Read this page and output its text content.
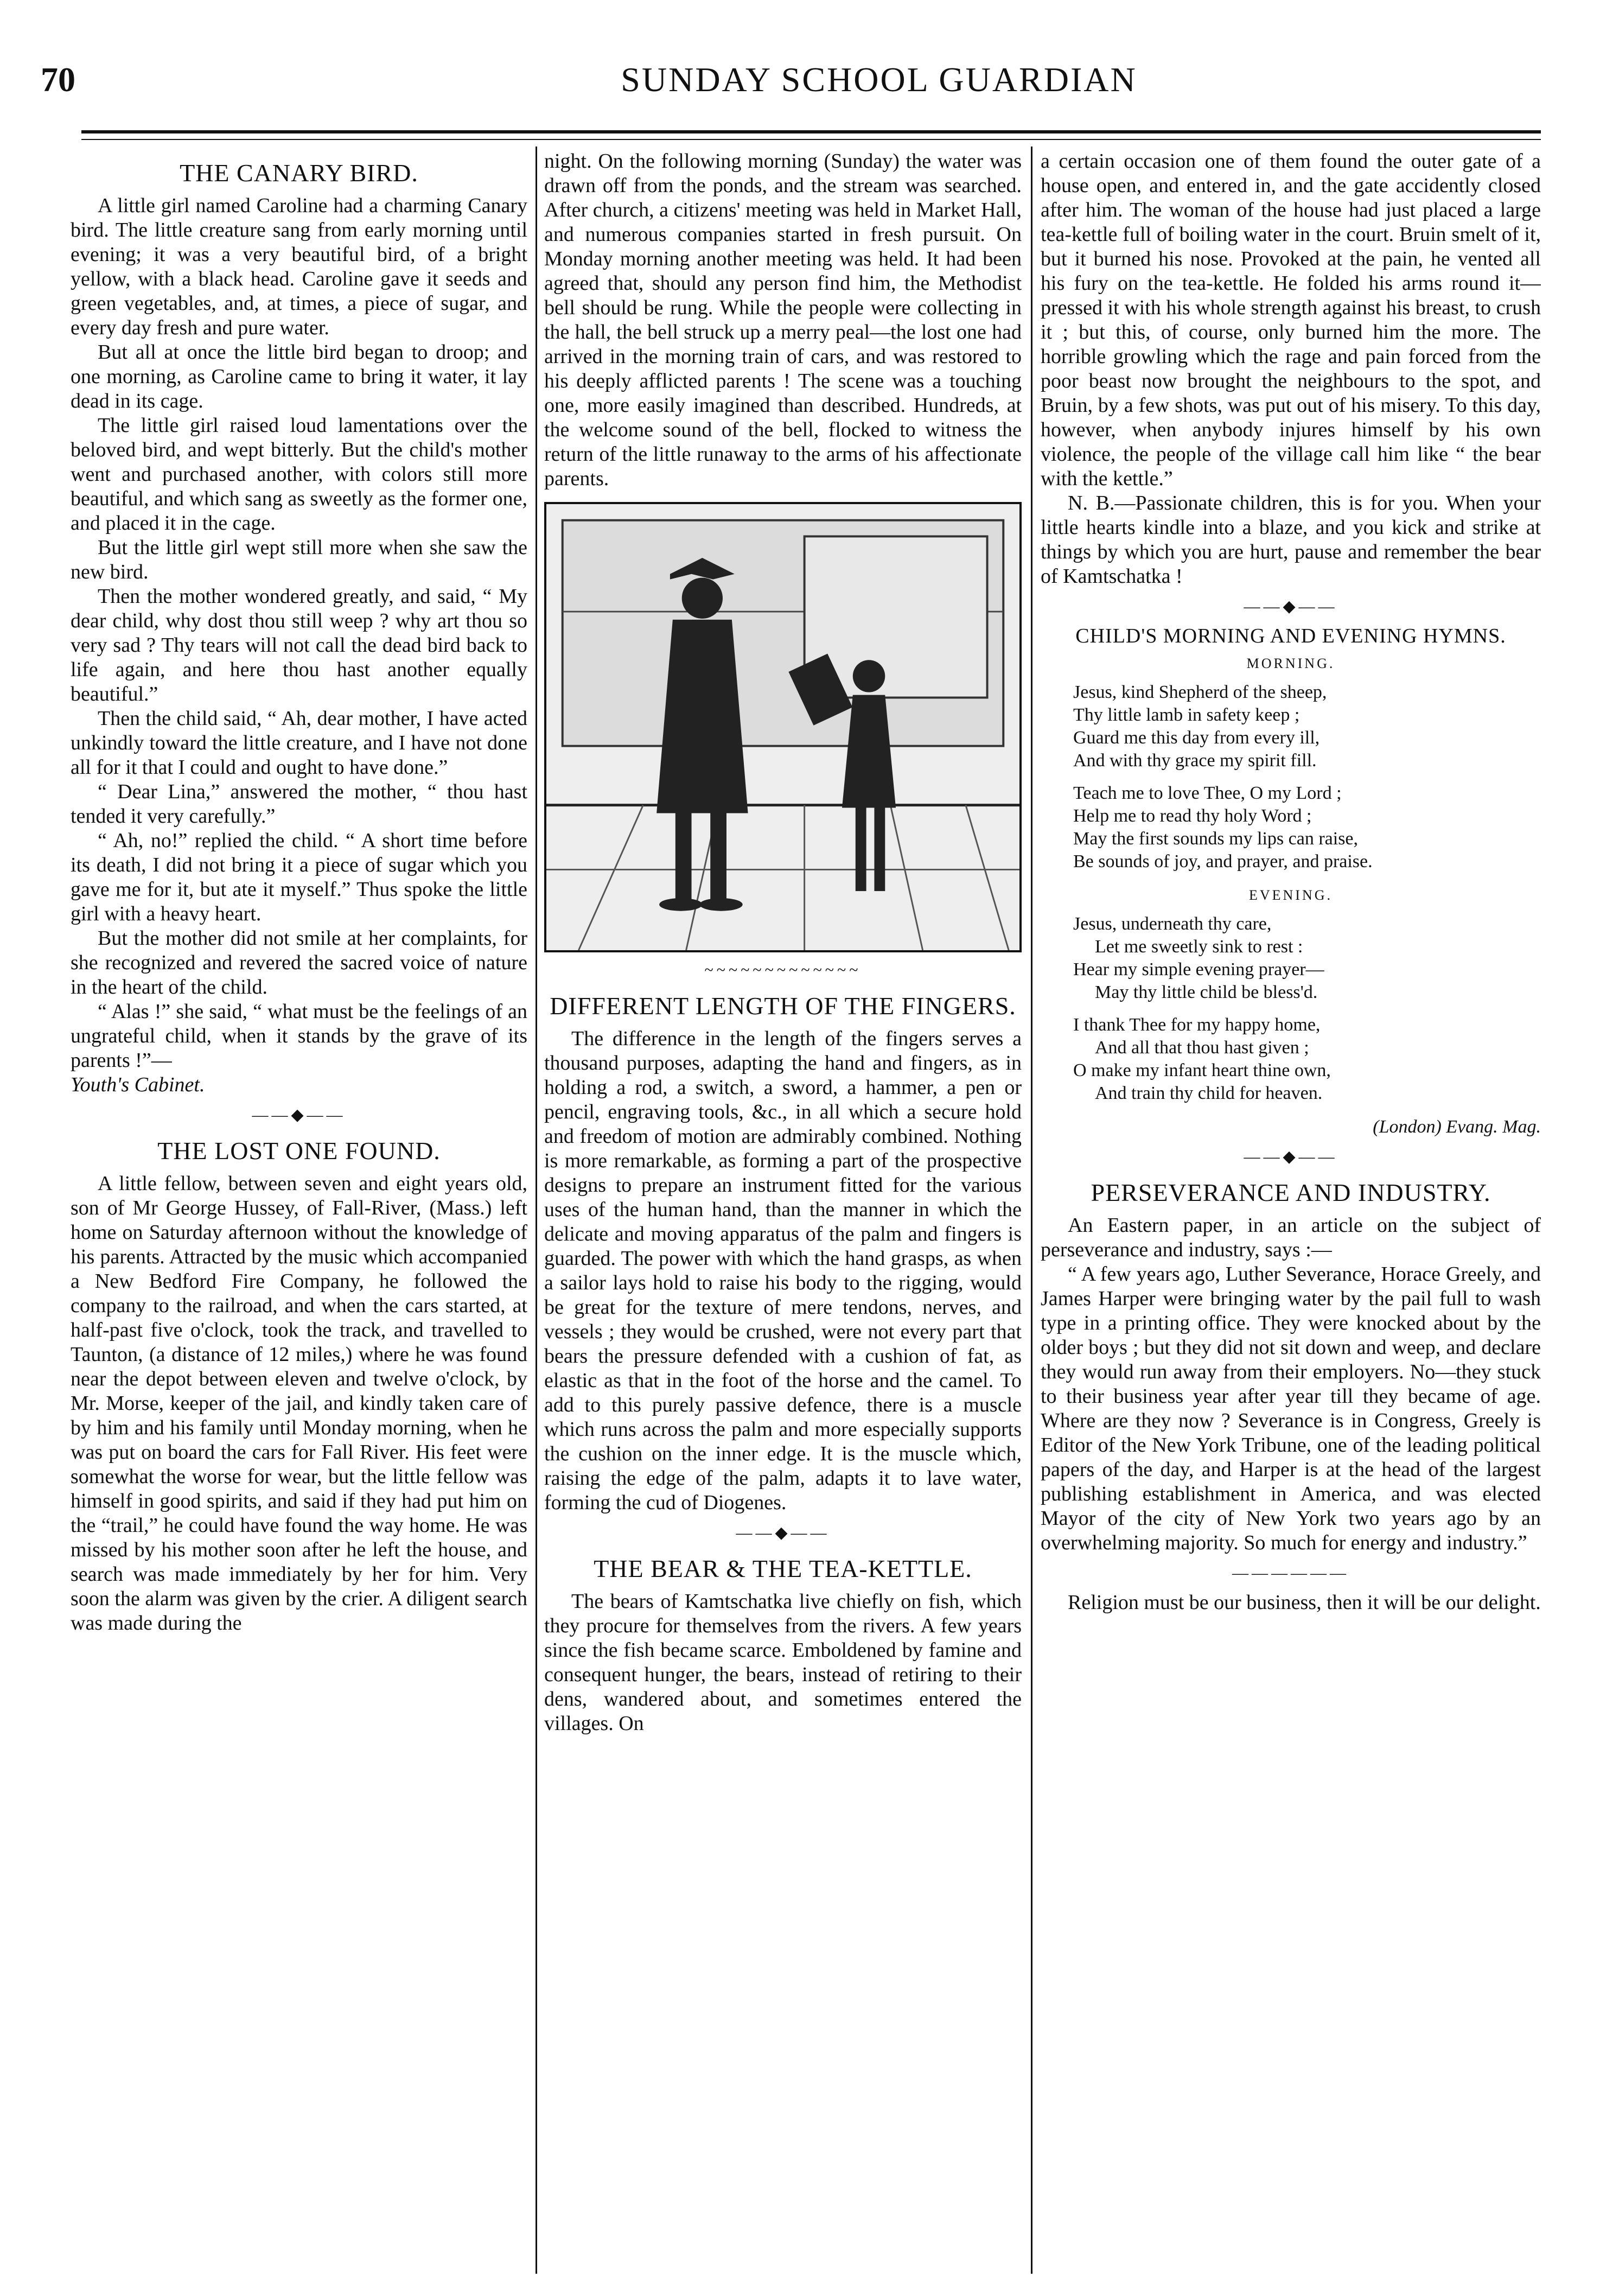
70	SUNDAY SCHOOL GUARDIAN
THE CANARY BIRD.

A little girl named Caroline had a charming Canary bird. The little creature sang from early morning until evening; it was a very beautiful bird, of a bright yellow, with a black head. Caroline gave it seeds and green vegetables, and, at times, a piece of sugar, and every day fresh and pure water.

But all at once the little bird began to droop; and one morning, as Caroline came to bring it water, it lay dead in its cage.

The little girl raised loud lamentations over the beloved bird, and wept bitterly. But the child's mother went and purchased another, with colors still more beautiful, and which sang as sweetly as the former one, and placed it in the cage.

But the little girl wept still more when she saw the new bird.

Then the mother wondered greatly, and said, “ My dear child, why dost thou still weep ? why art thou so very sad ? Thy tears will not call the dead bird back to life again, and here thou hast another equally beautiful.”

Then the child said, “ Ah, dear mother, I have acted unkindly toward the little creature, and I have not done all for it that I could and ought to have done.”

“ Dear Lina,” answered the mother, “ thou hast tended it very carefully.”

“ Ah, no!” replied the child. “ A short time before its death, I did not bring it a piece of sugar which you gave me for it, but ate it myself.” Thus spoke the little girl with a heavy heart.

But the mother did not smile at her complaints, for she recognized and revered the sacred voice of nature in the heart of the child.

“ Alas !” she said, “ what must be the feelings of an ungrateful child, when it stands by the grave of its parents !”—

Youth's Cabinet.

——◆——
THE LOST ONE FOUND.

A little fellow, between seven and eight years old, son of Mr George Hussey, of Fall-River, (Mass.) left home on Saturday afternoon without the knowledge of his parents. Attracted by the music which accompanied a New Bedford Fire Company, he followed the company to the railroad, and when the cars started, at half-past five o'clock, took the track, and travelled to Taunton, (a distance of 12 miles,) where he was found near the depot between eleven and twelve o'clock, by Mr. Morse, keeper of the jail, and kindly taken care of by him and his family until Monday morning, when he was put on board the cars for Fall River. His feet were somewhat the worse for wear, but the little fellow was himself in good spirits, and said if they had put him on the “trail,” he could have found the way home. He was missed by his mother soon after he left the house, and search was made immediately by her for him. Very soon the alarm was given by the crier. A diligent search was made during the

night. On the following morning (Sunday) the water was drawn off from the ponds, and the stream was searched. After church, a citizens' meeting was held in Market Hall, and numerous companies started in fresh pursuit. On Monday morning another meeting was held. It had been agreed that, should any person find him, the Methodist bell should be rung. While the people were collecting in the hall, the bell struck up a merry peal—the lost one had arrived in the morning train of cars, and was restored to his deeply afflicted parents ! The scene was a touching one, more easily imagined than described. Hundreds, at the welcome sound of the bell, flocked to witness the return of the little runaway to the arms of his affectionate parents.

~~~~~~~~~~~~~
DIFFERENT LENGTH OF THE FINGERS.

The difference in the length of the fingers serves a thousand purposes, adapting the hand and fingers, as in holding a rod, a switch, a sword, a hammer, a pen or pencil, engraving tools, &c., in all which a secure hold and freedom of motion are admirably combined. Nothing is more remarkable, as forming a part of the prospective designs to prepare an instrument fitted for the various uses of the human hand, than the manner in which the delicate and moving apparatus of the palm and fingers is guarded. The power with which the hand grasps, as when a sailor lays hold to raise his body to the rigging, would be great for the texture of mere tendons, nerves, and vessels ; they would be crushed, were not every part that bears the pressure defended with a cushion of fat, as elastic as that in the foot of the horse and the camel. To add to this purely passive defence, there is a muscle which runs across the palm and more especially supports the cushion on the inner edge. It is the muscle which, raising the edge of the palm, adapts it to lave water, forming the cud of Diogenes.

——◆——
THE BEAR & THE TEA-KETTLE.

The bears of Kamtschatka live chiefly on fish, which they procure for themselves from the rivers. A few years since the fish became scarce. Emboldened by famine and consequent hunger, the bears, instead of retiring to their dens, wandered about, and sometimes entered the villages. On

a certain occasion one of them found the outer gate of a house open, and entered in, and the gate accidently closed after him. The woman of the house had just placed a large tea-kettle full of boiling water in the court. Bruin smelt of it, but it burned his nose. Provoked at the pain, he vented all his fury on the tea-kettle. He folded his arms round it—pressed it with his whole strength against his breast, to crush it ; but this, of course, only burned him the more. The horrible growling which the rage and pain forced from the poor beast now brought the neighbours to the spot, and Bruin, by a few shots, was put out of his misery. To this day, however, when anybody injures himself by his own violence, the people of the village call him like “ the bear with the kettle.”

N. B.—Passionate children, this is for you. When your little hearts kindle into a blaze, and you kick and strike at things by which you are hurt, pause and remember the bear of Kamtschatka !

——◆——
CHILD'S MORNING AND EVENING HYMNS.
MORNING.
Jesus, kind Shepherd of the sheep,
Thy little lamb in safety keep ;
Guard me this day from every ill,
And with thy grace my spirit fill.
Teach me to love Thee, O my Lord ;
Help me to read thy holy Word ;
May the first sounds my lips can raise,
Be sounds of joy, and prayer, and praise.
EVENING.
Jesus, underneath thy care,
Let me sweetly sink to rest :
Hear my simple evening prayer—
May thy little child be bless'd.
I thank Thee for my happy home,
And all that thou hast given ;
O make my infant heart thine own,
And train thy child for heaven.
(London) Evang. Mag.
——◆——
PERSEVERANCE AND INDUSTRY.

An Eastern paper, in an article on the subject of perseverance and industry, says :—

“ A few years ago, Luther Severance, Horace Greely, and James Harper were bringing water by the pail full to wash type in a printing office. They were knocked about by the older boys ; but they did not sit down and weep, and declare they would run away from their employers. No—they stuck to their business year after year till they became of age. Where are they now ? Severance is in Congress, Greely is Editor of the New York Tribune, one of the leading political papers of the day, and Harper is at the head of the largest publishing establishment in America, and was elected Mayor of the city of New York two years ago by an overwhelming majority. So much for energy and industry.”

——————

Religion must be our business, then it will be our delight.
